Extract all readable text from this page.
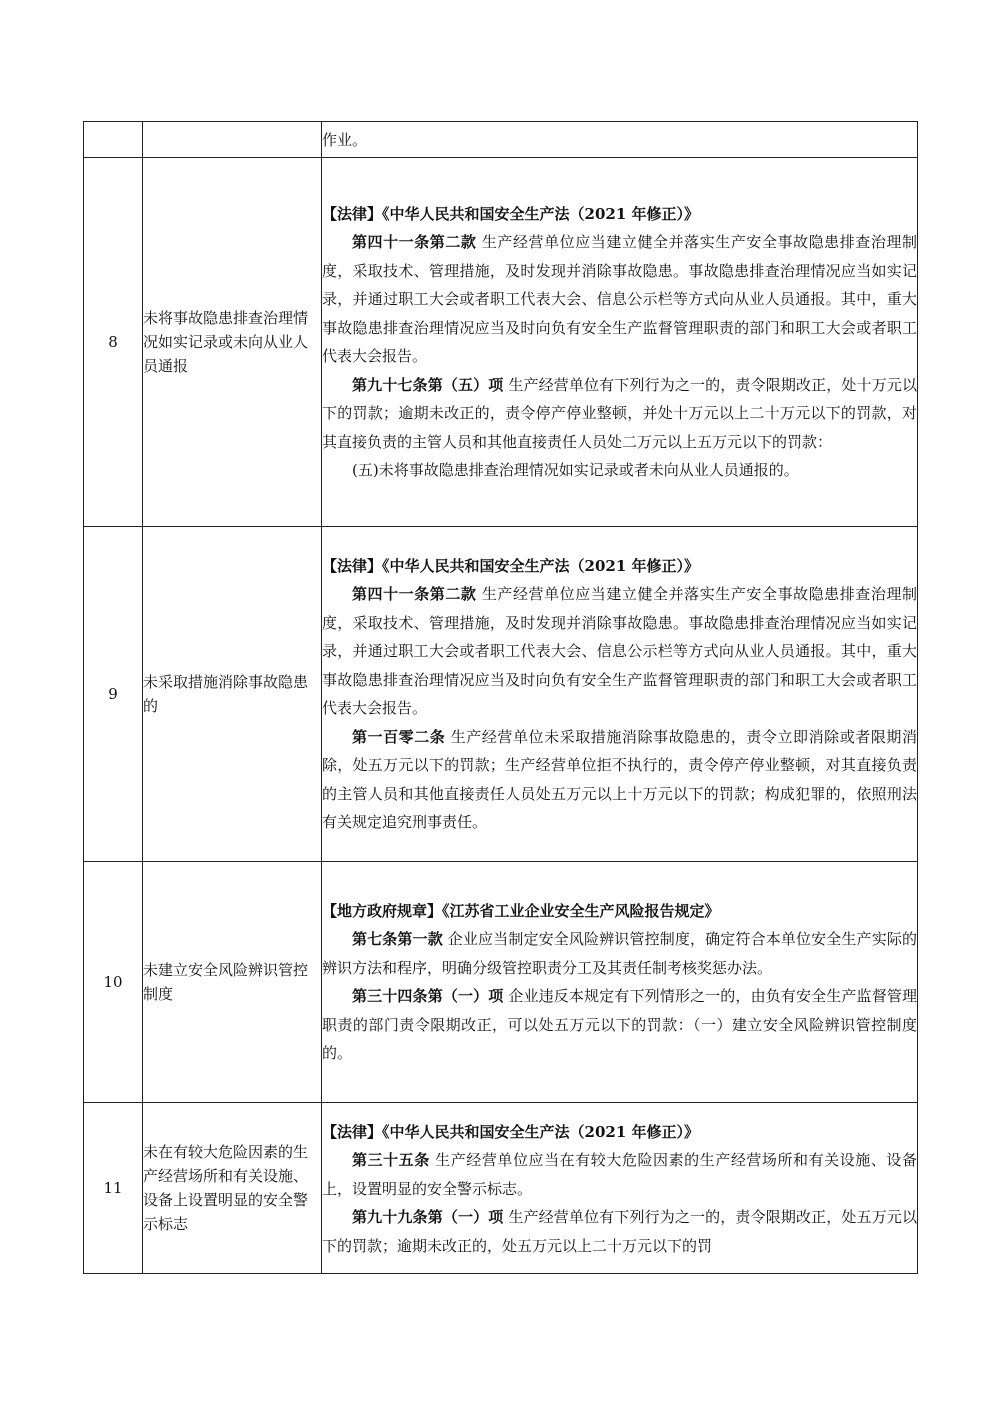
		作业。

8	未将事故隐患排查治理情况如实记录或未向从业人员通报	【法律】《中华人民共和国安全生产法（2021 年修正）》
第四十一条第二款 生产经营单位应当建立健全并落实生产安全事故隐患排查治理制度，采取技术、管理措施，及时发现并消除事故隐患。事故隐患排查治理情况应当如实记录，并通过职工大会或者职工代表大会、信息公示栏等方式向从业人员通报。其中，重大事故隐患排查治理情况应当及时向负有安全生产监督管理职责的部门和职工大会或者职工代表大会报告。
第九十七条第（五）项 生产经营单位有下列行为之一的，责令限期改正，处十万元以下的罚款；逾期未改正的，责令停产停业整顿，并处十万元以上二十万元以下的罚款，对其直接负责的主管人员和其他直接责任人员处二万元以上五万元以下的罚款：
(五)未将事故隐患排查治理情况如实记录或者未向从业人员通报的。

9	未采取措施消除事故隐患的	【法律】《中华人民共和国安全生产法（2021 年修正）》
第四十一条第二款 生产经营单位应当建立健全并落实生产安全事故隐患排查治理制度，采取技术、管理措施，及时发现并消除事故隐患。事故隐患排查治理情况应当如实记录，并通过职工大会或者职工代表大会、信息公示栏等方式向从业人员通报。其中，重大事故隐患排查治理情况应当及时向负有安全生产监督管理职责的部门和职工大会或者职工代表大会报告。
第一百零二条 生产经营单位未采取措施消除事故隐患的，责令立即消除或者限期消除，处五万元以下的罚款；生产经营单位拒不执行的，责令停产停业整顿，对其直接负责的主管人员和其他直接责任人员处五万元以上十万元以下的罚款；构成犯罪的，依照刑法有关规定追究刑事责任。

10	未建立安全风险辨识管控制度	【地方政府规章】《江苏省工业企业安全生产风险报告规定》
第七条第一款 企业应当制定安全风险辨识管控制度，确定符合本单位安全生产实际的辨识方法和程序，明确分级管控职责分工及其责任制考核奖惩办法。
第三十四条第（一）项 企业违反本规定有下列情形之一的，由负有安全生产监督管理职责的部门责令限期改正，可以处五万元以下的罚款：（一）建立安全风险辨识管控制度的。

11	未在有较大危险因素的生产经营场所和有关设施、设备上设置明显的安全警示标志	【法律】《中华人民共和国安全生产法（2021 年修正）》
第三十五条 生产经营单位应当在有较大危险因素的生产经营场所和有关设施、设备上，设置明显的安全警示标志。
第九十九条第（一）项 生产经营单位有下列行为之一的，责令限期改正，处五万元以下的罚款；逾期未改正的，处五万元以上二十万元以下的罚
